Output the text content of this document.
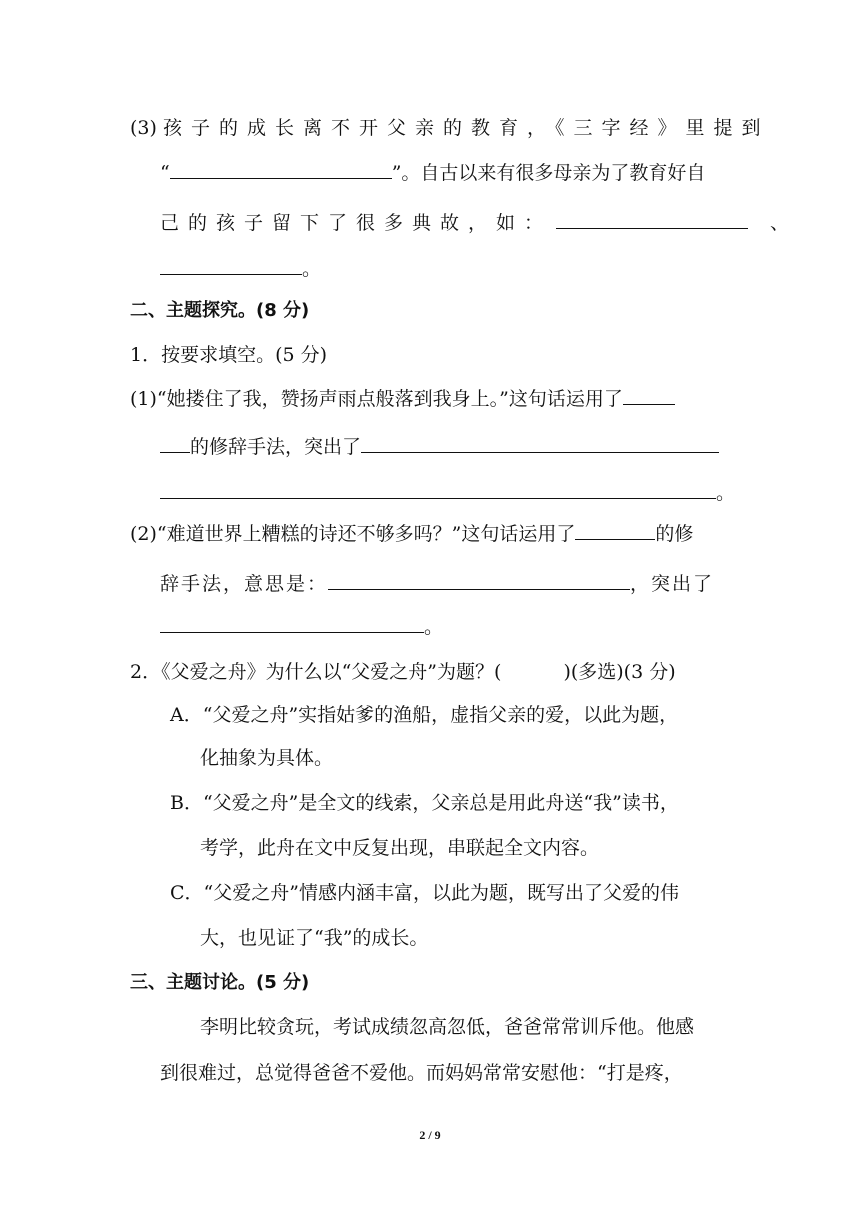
(3) 孩子的成长离不开父亲的教育，《三字经》里提到
“	”。自古以来有很多母亲为了教育好自
己的孩子留下了很多典故，如：	、
。
二、主题探究。(8 分)
1．按要求填空。(5 分)
(1)“她搂住了我，赞扬声雨点般落到我身上。”这句话运用了
的修辞手法，突出了
。
(2)“难道世界上糟糕的诗还不够多吗？”这句话运用了	的修
辞手法，意思是：	，突出了
。
2．《父爱之舟》为什么以“父爱之舟”为题？(	)(多选)(3 分)
A．“父爱之舟”实指姑爹的渔船，虚指父亲的爱，以此为题，
化抽象为具体。
B．“父爱之舟”是全文的线索，父亲总是用此舟送“我”读书，
考学，此舟在文中反复出现，串联起全文内容。
C．“父爱之舟”情感内涵丰富，以此为题，既写出了父爱的伟
大，也见证了“我”的成长。
三、主题讨论。(5 分)
李明比较贪玩，考试成绩忽高忽低，爸爸常常训斥他。他感
到很难过，总觉得爸爸不爱他。而妈妈常常安慰他：“打是疼，
2 / 9
